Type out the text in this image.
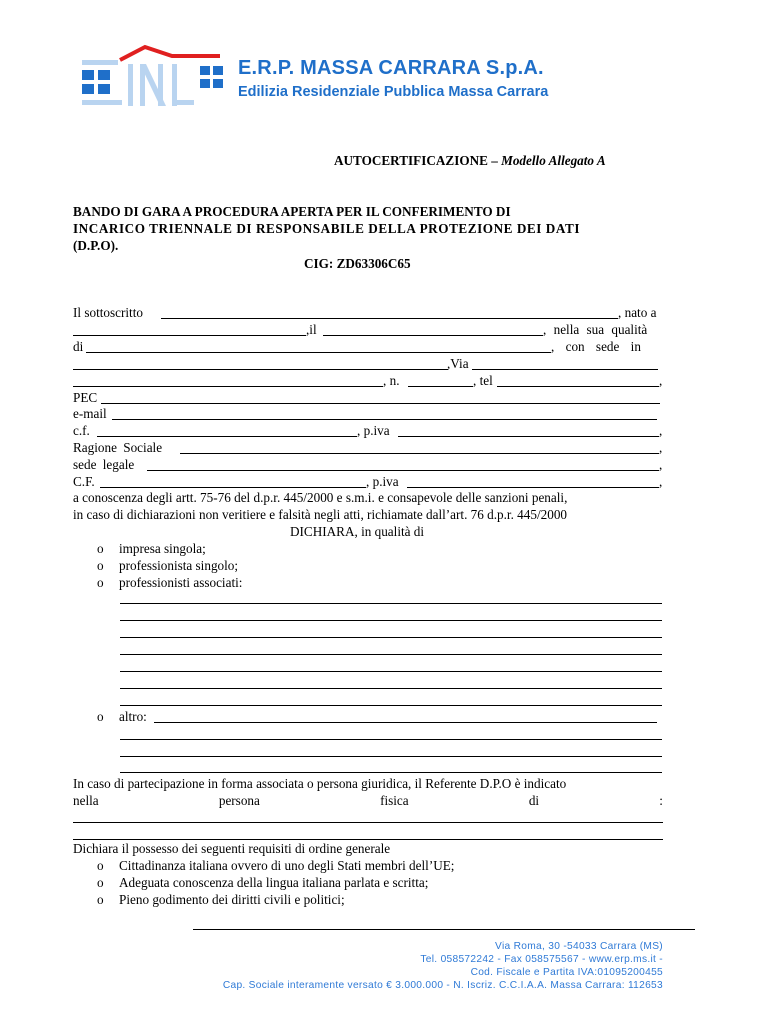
E.R.P. MASSA CARRARA S.p.A.
Edilizia Residenziale Pubblica Massa Carrara
AUTOCERTIFICAZIONE – Modello Allegato A
BANDO DI GARA A PROCEDURA APERTA PER IL CONFERIMENTO DI
INCARICO TRIENNALE DI RESPONSABILE DELLA PROTEZIONE DEI DATI
(D.P.O).
CIG: ZD63306C65
Il sottoscritto	, nato a
,il	, nella sua qualità
di	, con sede in
,Via
, n.	, tel	,
PEC
e-mail
c.f.	, p.iva	,
Ragione Sociale	,
sede legale	,
C.F.	, p.iva	,
a conoscenza degli artt. 75-76 del d.p.r. 445/2000 e s.m.i. e consapevole delle sanzioni penali,
in caso di dichiarazioni non veritiere e falsità negli atti, richiamate dall’art. 76 d.p.r. 445/2000
DICHIARA, in qualità di
o impresa singola;
o professionista singolo;
o professionisti associati:
o altro:
In caso di partecipazione in forma associata o persona giuridica, il Referente D.P.O è indicato
nella	persona	fisica	di	:
Dichiara il possesso dei seguenti requisiti di ordine generale
o Cittadinanza italiana ovvero di uno degli Stati membri dell’UE;
o Adeguata conoscenza della lingua italiana parlata e scritta;
o Pieno godimento dei diritti civili e politici;
Via Roma, 30 -54033 Carrara (MS)
Tel. 058572242 - Fax 058575567 - www.erp.ms.it -
Cod. Fiscale e Partita IVA:01095200455
Cap. Sociale interamente versato € 3.000.000 - N. Iscriz. C.C.I.A.A. Massa Carrara: 112653
